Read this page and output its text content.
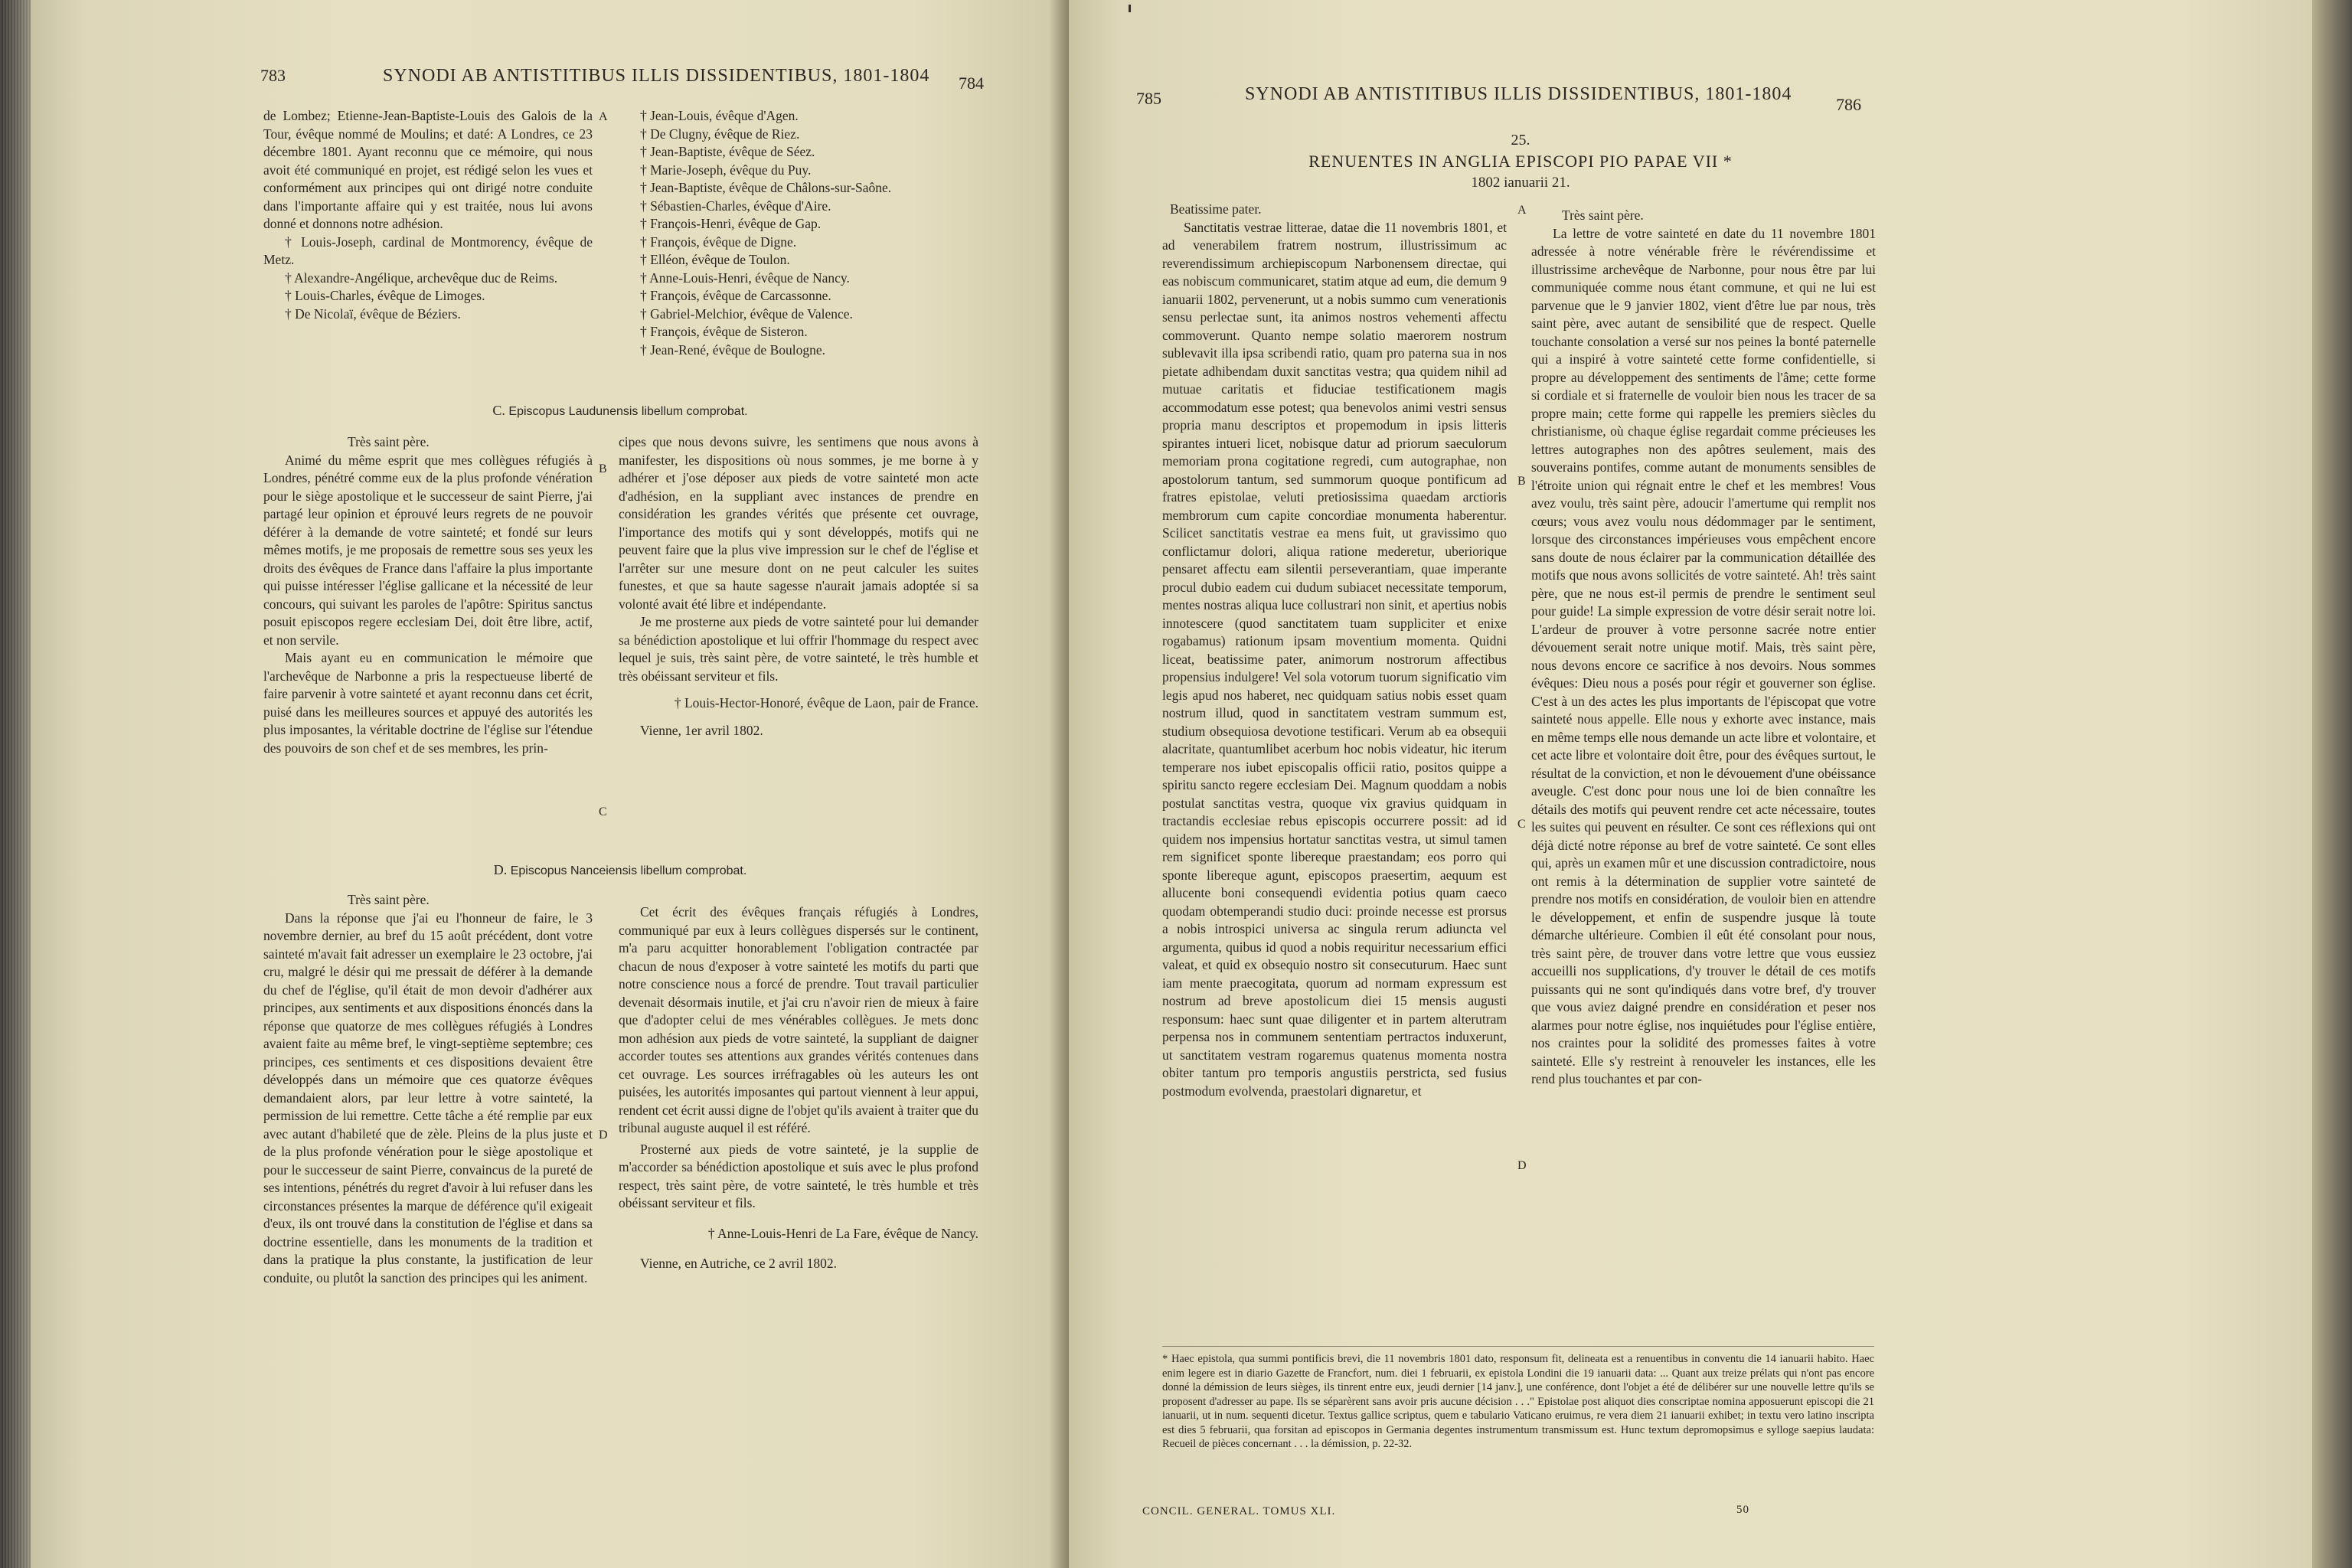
783	SYNODI AB ANTISTITIBUS ILLIS DISSIDENTIBUS, 1801-1804 784

de Lombez; Etienne-Jean-Baptiste-Louis des Galois de la Tour, évêque nommé de Moulins; et daté: A Londres, ce 23 décembre 1801. Ayant reconnu que ce mémoire, qui nous avoit été communiqué en projet, est rédigé selon les vues et conformément aux principes qui ont dirigé notre conduite dans l'importante affaire qui y est traitée, nous lui avons donné et donnons notre adhésion.

† Louis-Joseph, cardinal de Montmorency, évêque de Metz.

† Alexandre-Angélique, archevêque duc de Reims.

† Louis-Charles, évêque de Limoges.

† De Nicolaï, évêque de Béziers.

A	† Jean-Louis, évêque d'Agen.

† De Clugny, évêque de Riez.

† Jean-Baptiste, évêque de Séez.

† Marie-Joseph, évêque du Puy.

† Jean-Baptiste, évêque de Châlons-sur-Saône.

† Sébastien-Charles, évêque d'Aire.

† François-Henri, évêque de Gap.

† François, évêque de Digne.

† Elléon, évêque de Toulon.

† Anne-Louis-Henri, évêque de Nancy.

† François, évêque de Carcassonne.

† Gabriel-Melchior, évêque de Valence.

† François, évêque de Sisteron.

† Jean-René, évêque de Boulogne.

C. Episcopus Laudunensis libellum comprobat.

Très saint père.

Animé du même esprit que mes collègues réfugiés à Londres, pénétré comme eux de la plus profonde vénération pour le siège apostolique et le successeur de saint Pierre, j'ai partagé leur opinion et éprouvé leurs regrets de ne pouvoir déférer à la demande de votre sainteté; et fondé sur leurs mêmes motifs, je me proposais de remettre sous ses yeux les droits des évêques de France dans l'affaire la plus importante qui puisse intéresser l'église gallicane et la nécessité de leur concours, qui suivant les paroles de l'apôtre: Spiritus sanctus posuit episcopos regere ecclesiam Dei, doit être libre, actif, et non servile.

Mais ayant eu en communication le mémoire que l'archevêque de Narbonne a pris la respectueuse liberté de faire parvenir à votre sainteté et ayant reconnu dans cet écrit, puisé dans les meilleures sources et appuyé des autorités les plus imposantes, la véritable doctrine de l'église sur l'étendue des pouvoirs de son chef et de ses membres, les prin-

B
C

cipes que nous devons suivre, les sentimens que nous avons à manifester, les dispositions où nous sommes, je me borne à y adhérer et j'ose déposer aux pieds de votre sainteté mon acte d'adhésion, en la suppliant avec instances de prendre en considération les grandes vérités que présente cet ouvrage, l'importance des motifs qui y sont développés, motifs qui ne peuvent faire que la plus vive impression sur le chef de l'église et l'arrêter sur une mesure dont on ne peut calculer les suites funestes, et que sa haute sagesse n'aurait jamais adoptée si sa volonté avait été libre et indépendante.

Je me prosterne aux pieds de votre sainteté pour lui demander sa bénédiction apostolique et lui offrir l'hommage du respect avec lequel je suis, très saint père, de votre sainteté, le très humble et très obéissant serviteur et fils.

† Louis-Hector-Honoré, évêque de Laon, pair de France.

Vienne, 1er avril 1802.

D. Episcopus Nanceiensis libellum comprobat.

Très saint père.

Dans la réponse que j'ai eu l'honneur de faire, le 3 novembre dernier, au bref du 15 août précédent, dont votre sainteté m'avait fait adresser un exemplaire le 23 octobre, j'ai cru, malgré le désir qui me pressait de déférer à la demande du chef de l'église, qu'il était de mon devoir d'adhérer aux principes, aux sentiments et aux dispositions énoncés dans la réponse que quatorze de mes collègues réfugiés à Londres avaient faite au même bref, le vingt-septième septembre; ces principes, ces sentiments et ces dispositions devaient être développés dans un mémoire que ces quatorze évêques demandaient alors, par leur lettre à votre sainteté, la permission de lui remettre. Cette tâche a été remplie par eux avec autant d'habileté que de zèle. Pleins de la plus juste et de la plus profonde vénération pour le siège apostolique et pour le successeur de saint Pierre, convaincus de la pureté de ses intentions, pénétrés du regret d'avoir à lui refuser dans les circonstances présentes la marque de déférence qu'il exigeait d'eux, ils ont trouvé dans la constitution de l'église et dans sa doctrine essentielle, dans les monuments de la tradition et dans la pratique la plus constante, la justification de leur conduite, ou plutôt la sanction des principes qui les animent.

D

Cet écrit des évêques français réfugiés à Londres, communiqué par eux à leurs collègues dispersés sur le continent, m'a paru acquitter honorablement l'obligation contractée par chacun de nous d'exposer à votre sainteté les motifs du parti que notre conscience nous a forcé de prendre. Tout travail particulier devenait désormais inutile, et j'ai cru n'avoir rien de mieux à faire que d'adopter celui de mes vénérables collègues. Je mets donc mon adhésion aux pieds de votre sainteté, la suppliant de daigner accorder toutes ses attentions aux grandes vérités contenues dans cet ouvrage. Les sources irréfragables où les auteurs les ont puisées, les autorités imposantes qui partout viennent à leur appui, rendent cet écrit aussi digne de l'objet qu'ils avaient à traiter que du tribunal auguste auquel il est référé.

Prosterné aux pieds de votre sainteté, je la supplie de m'accorder sa bénédiction apostolique et suis avec le plus profond respect, très saint père, de votre sainteté, le très humble et très obéissant serviteur et fils.

† Anne-Louis-Henri de La Fare, évêque de Nancy.

Vienne, en Autriche, ce 2 avril 1802.

785	SYNODI AB ANTISTITIBUS ILLIS DISSIDENTIBUS, 1801-1804
786
25.
RENUENTES IN ANGLIA EPISCOPI PIO PAPAE VII *
1802 ianuarii 21.

Beatissime pater.

Sanctitatis vestrae litterae, datae die 11 novembris 1801, et ad venerabilem fratrem nostrum, illustrissimum ac reverendissimum archiepiscopum Narbonensem directae, qui eas nobiscum communicaret, statim atque ad eum, die demum 9 ianuarii 1802, pervenerunt, ut a nobis summo cum venerationis sensu perlectae sunt, ita animos nostros vehementi affectu commoverunt. Quanto nempe solatio maerorem nostrum sublevavit illa ipsa scribendi ratio, quam pro paterna sua in nos pietate adhibendam duxit sanctitas vestra; qua quidem nihil ad mutuae caritatis et fiduciae testificationem magis accommodatum esse potest; qua benevolos animi vestri sensus propria manu descriptos et propemodum in ipsis litteris spirantes intueri licet, nobisque datur ad priorum saeculorum memoriam prona cogitatione regredi, cum autographae, non apostolorum tantum, sed summorum quoque pontificum ad fratres epistolae, veluti pretiosissima quaedam arctioris membrorum cum capite concordiae monumenta haberentur. Scilicet sanctitatis vestrae ea mens fuit, ut gravissimo quo conflictamur dolori, aliqua ratione mederetur, uberiorique pensaret affectu eam silentii perseverantiam, quae imperante procul dubio eadem cui dudum subiacet necessitate temporum, mentes nostras aliqua luce collustrari non sinit, et apertius nobis innotescere (quod sanctitatem tuam suppliciter et enixe rogabamus) rationum ipsam moventium momenta. Quidni liceat, beatissime pater, animorum nostrorum affectibus propensius indulgere! Vel sola votorum tuorum significatio vim legis apud nos haberet, nec quidquam satius nobis esset quam nostrum illud, quod in sanctitatem vestram summum est, studium obsequiosa devotione testificari. Verum ab ea obsequii alacritate, quantumlibet acerbum hoc nobis videatur, hic iterum temperare nos iubet episcopalis officii ratio, positos quippe a spiritu sancto regere ecclesiam Dei. Magnum quoddam a nobis postulat sanctitas vestra, quoque vix gravius quidquam in tractandis ecclesiae rebus episcopis occurrere possit: ad id quidem nos impensius hortatur sanctitas vestra, ut simul tamen rem significet sponte libereque praestandam; eos porro qui sponte libereque agunt, episcopos praesertim, aequum est allucente boni consequendi evidentia potius quam caeco quodam obtemperandi studio duci: proinde necesse est prorsus a nobis introspici universa ac singula rerum adiuncta vel argumenta, quibus id quod a nobis requiritur necessarium effici valeat, et quid ex obsequio nostro sit consecuturum. Haec sunt iam mente praecogitata, quorum ad normam expressum est nostrum ad breve apostolicum diei 15 mensis augusti responsum: haec sunt quae diligenter et in partem alterutram perpensa nos in communem sententiam pertractos induxerunt, ut sanctitatem vestram rogaremus quatenus momenta nostra obiter tantum pro temporis angustiis perstricta, sed fusius postmodum evolvenda, praestolari dignaretur, et

A
B
C
D

Très saint père.

La lettre de votre sainteté en date du 11 novembre 1801 adressée à notre vénérable frère le révérendissime et illustrissime archevêque de Narbonne, pour nous être par lui communiquée comme nous étant commune, et qui ne lui est parvenue que le 9 janvier 1802, vient d'être lue par nous, très saint père, avec autant de sensibilité que de respect. Quelle touchante consolation a versé sur nos peines la bonté paternelle qui a inspiré à votre sainteté cette forme confidentielle, si propre au développement des sentiments de l'âme; cette forme si cordiale et si fraternelle de vouloir bien nous les tracer de sa propre main; cette forme qui rappelle les premiers siècles du christianisme, où chaque église regardait comme précieuses les lettres autographes non des apôtres seulement, mais des souverains pontifes, comme autant de monuments sensibles de l'étroite union qui régnait entre le chef et les membres! Vous avez voulu, très saint père, adoucir l'amertume qui remplit nos cœurs; vous avez voulu nous dédommager par le sentiment, lorsque des circonstances impérieuses vous empêchent encore sans doute de nous éclairer par la communication détaillée des motifs que nous avons sollicités de votre sainteté. Ah! très saint père, que ne nous est-il permis de prendre le sentiment seul pour guide! La simple expression de votre désir serait notre loi. L'ardeur de prouver à votre personne sacrée notre entier dévouement serait notre unique motif. Mais, très saint père, nous devons encore ce sacrifice à nos devoirs. Nous sommes évêques: Dieu nous a posés pour régir et gouverner son église. C'est à un des actes les plus importants de l'épiscopat que votre sainteté nous appelle. Elle nous y exhorte avec instance, mais en même temps elle nous demande un acte libre et volontaire, et cet acte libre et volontaire doit être, pour des évêques surtout, le résultat de la conviction, et non le dévouement d'une obéissance aveugle. C'est donc pour nous une loi de bien connaître les détails des motifs qui peuvent rendre cet acte nécessaire, toutes les suites qui peuvent en résulter. Ce sont ces réflexions qui ont déjà dicté notre réponse au bref de votre sainteté. Ce sont elles qui, après un examen mûr et une discussion contradictoire, nous ont remis à la détermination de supplier votre sainteté de prendre nos motifs en considération, de vouloir bien en attendre le développement, et enfin de suspendre jusque là toute démarche ultérieure. Combien il eût été consolant pour nous, très saint père, de trouver dans votre lettre que vous eussiez accueilli nos supplications, d'y trouver le détail de ces motifs puissants qui ne sont qu'indiqués dans votre bref, d'y trouver que vous aviez daigné prendre en considération et peser nos alarmes pour notre église, nos inquiétudes pour l'église entière, nos craintes pour la solidité des promesses faites à votre sainteté. Elle s'y restreint à renouveler les instances, elle les rend plus touchantes et par con-

* Haec epistola, qua summi pontificis brevi, die 11 novembris 1801 dato, responsum fit, delineata est a renuentibus in conventu die 14 ianuarii habito. Haec enim legere est in diario Gazette de Francfort, num. diei 1 februarii, ex epistola Londini die 19 ianuarii data: ... Quant aux treize prélats qui n'ont pas encore donné la démission de leurs sièges, ils tinrent entre eux, jeudi dernier [14 janv.], une conférence, dont l'objet a été de délibérer sur une nouvelle lettre qu'ils se proposent d'adresser au pape. Ils se séparèrent sans avoir pris aucune décision . . ." Epistolae post aliquot dies conscriptae nomina apposuerunt episcopi die 21 ianuarii, ut in num. sequenti dicetur. Textus gallice scriptus, quem e tabulario Vaticano eruimus, re vera diem 21 ianuarii exhibet; in textu vero latino inscripta est dies 5 februarii, qua forsitan ad episcopos in Germania degentes instrumentum transmissum est. Hunc textum depromopsimus e sylloge saepius laudata: Recueil de pièces concernant . . . la démission, p. 22-32.
CONCIL. GENERAL. TOMUS XLI.	50
